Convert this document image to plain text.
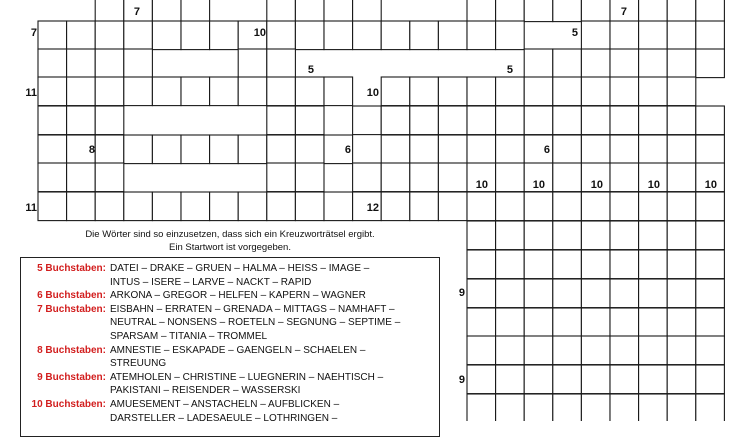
7
7	10	5
7
5	5
11	10
8	6	6
10	10	10	10	10
11	12
9
9
Die Wörter sind so einzusetzen, dass sich ein Kreuzworträtsel ergibt.
Ein Startwort ist vorgegeben.
5 Buchstaben: DATEI – DRAKE – GRUEN – HALMA – HEISS – IMAGE –
INTUS – ISERE – LARVE – NACKT – RAPID
6 Buchstaben: ARKONA – GREGOR – HELFEN – KAPERN – WAGNER
7 Buchstaben: EISBAHN – ERRATEN – GRENADA – MITTAGS – NAMHAFT –
NEUTRAL – NONSENS – ROETELN – SEGNUNG – SEPTIME –
SPARSAM – TITANIA – TROMMEL
8 Buchstaben: AMNESTIE – ESKAPADE – GAENGELN – SCHAELEN –
STREUUNG
9 Buchstaben: ATEMHOLEN – CHRISTINE – LUEGNERIN – NAEHTISCH –
PAKISTANI – REISENDER – WASSERSKI
10 Buchstaben: AMUESEMENT – ANSTACHELN – AUFBLICKEN –
DARSTELLER – LADESAEULE – LOTHRINGEN –
